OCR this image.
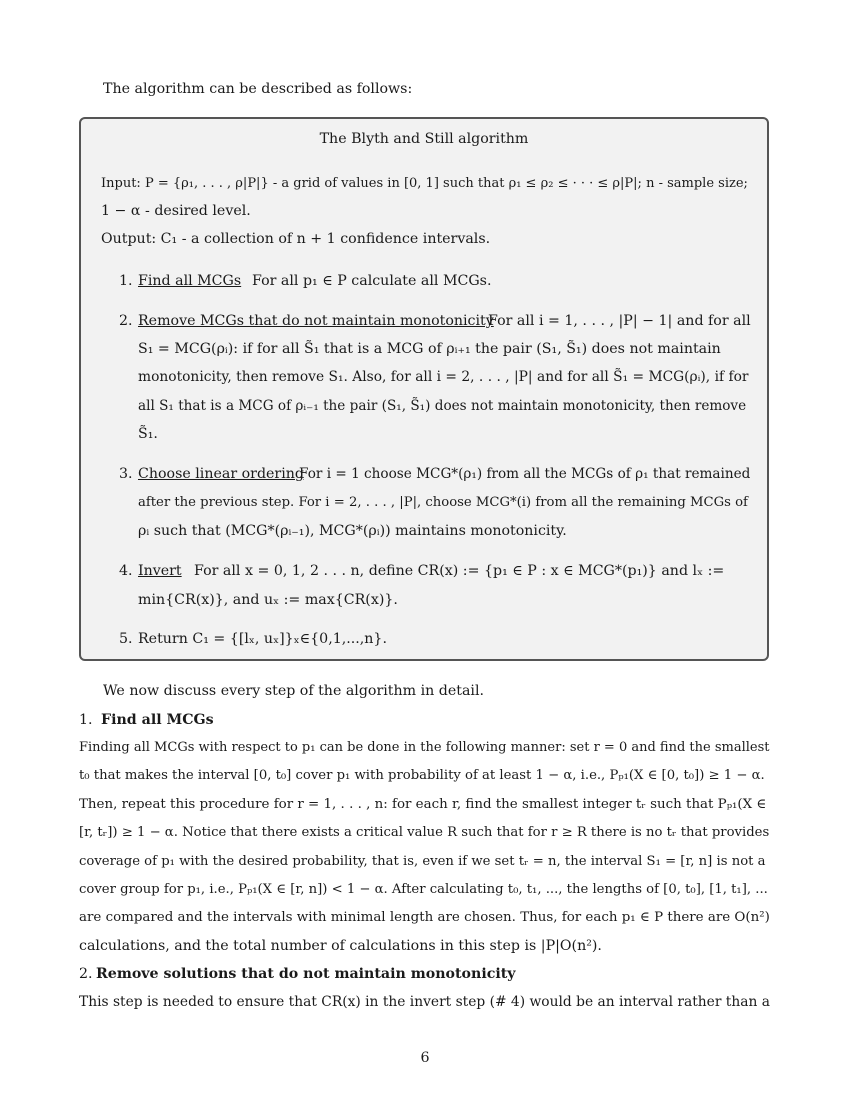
The algorithm can be described as follows:
The Blyth and Still algorithm
Input: P = {ρ₁, . . . , ρ|P|} - a grid of values in [0, 1] such that ρ₁ ≤ ρ₂ ≤ · · · ≤ ρ|P|; n - sample size;
1 − α - desired level.
Output: C₁ - a collection of n + 1 confidence intervals.
1. Find all MCGs For all p₁ ∈ P calculate all MCGs.
2. Remove MCGs that do not maintain monotonicity
For all i = 1, . . . , |P| − 1| and for all
S₁ = MCG(ρᵢ): if for all S̃₁ that is a MCG of ρᵢ₊₁ the pair (S₁, S̃₁) does not maintain
monotonicity, then remove S₁. Also, for all i = 2, . . . , |P| and for all S̃₁ = MCG(ρᵢ), if for
all S₁ that is a MCG of ρᵢ₋₁ the pair (S₁, S̃₁) does not maintain monotonicity, then remove
S̃₁.
3. Choose linear ordering
For i = 1 choose MCG*(ρ₁) from all the MCGs of ρ₁ that remained
after the previous step. For i = 2, . . . , |P|, choose MCG*(i) from all the remaining MCGs of
ρᵢ such that (MCG*(ρᵢ₋₁), MCG*(ρᵢ)) maintains monotonicity.
4. Invert For all x = 0, 1, 2 . . . n, define CR(x) := {p₁ ∈ P : x ∈ MCG*(p₁)} and lₓ :=
min{CR(x)}, and uₓ := max{CR(x)}.
5. Return C₁ = {[lₓ, uₓ]}ₓ∈{0,1,...,n}.
We now discuss every step of the algorithm in detail.
1. Find all MCGs
Finding all MCGs with respect to p₁ can be done in the following manner: set r = 0 and find the smallest
t₀ that makes the interval [0, t₀] cover p₁ with probability of at least 1 − α, i.e., Pₚ₁(X ∈ [0, t₀]) ≥ 1 − α.
Then, repeat this procedure for r = 1, . . . , n: for each r, find the smallest integer tᵣ such that Pₚ₁(X ∈
[r, tᵣ]) ≥ 1 − α. Notice that there exists a critical value R such that for r ≥ R there is no tᵣ that provides
coverage of p₁ with the desired probability, that is, even if we set tᵣ = n, the interval S₁ = [r, n] is not a
cover group for p₁, i.e., Pₚ₁(X ∈ [r, n]) < 1 − α. After calculating t₀, t₁, ..., the lengths of [0, t₀], [1, t₁], ...
are compared and the intervals with minimal length are chosen. Thus, for each p₁ ∈ P there are O(n²)
calculations, and the total number of calculations in this step is |P|O(n²).
2. Remove solutions that do not maintain monotonicity
This step is needed to ensure that CR(x) in the invert step (# 4) would be an interval rather than a
6
